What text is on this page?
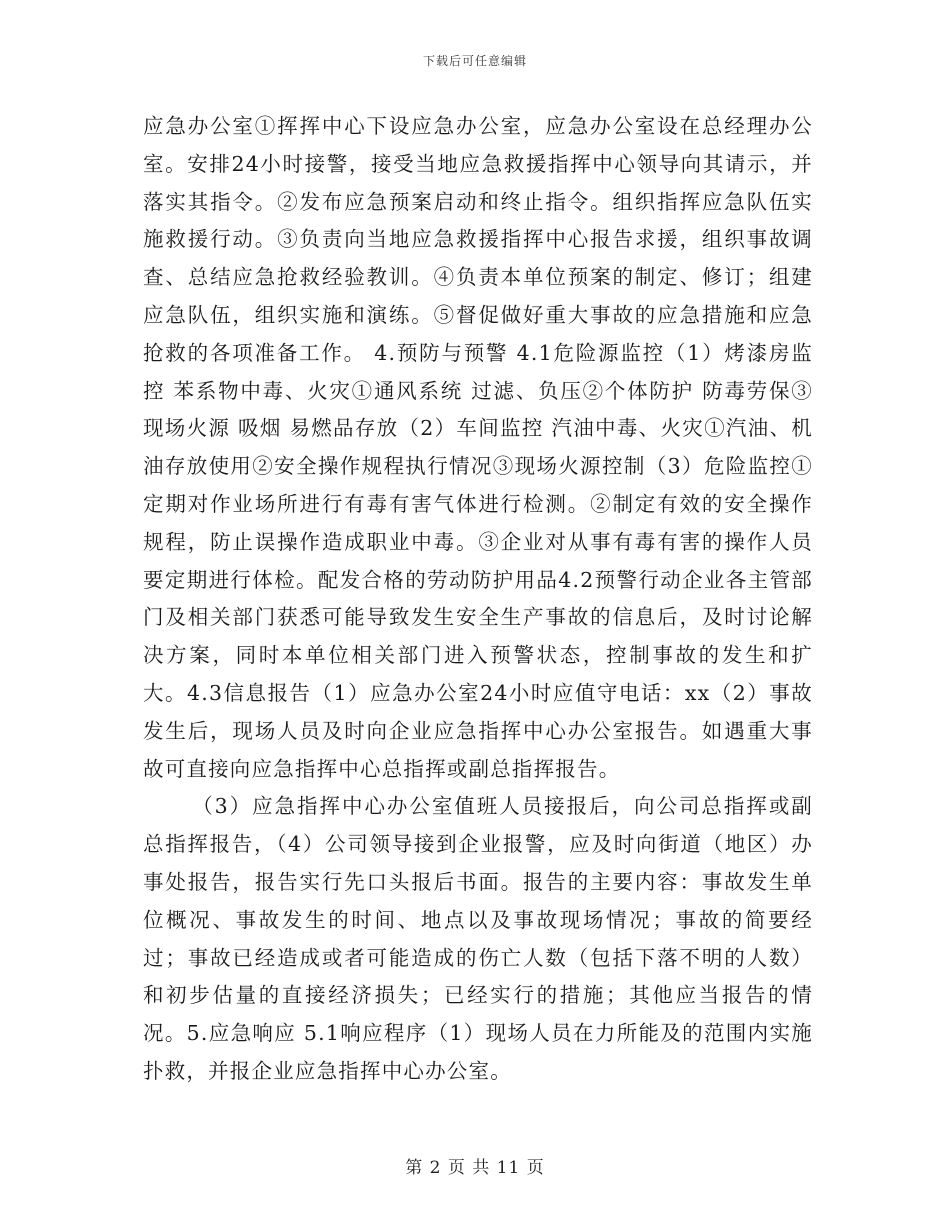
下载后可任意编辑

应急办公室①挥挥中心下设应急办公室，应急办公室设在总经理办公室。安排24小时接警，接受当地应急救援指挥中心领导向其请示，并落实其指令。②发布应急预案启动和终止指令。组织指挥应急队伍实施救援行动。③负责向当地应急救援指挥中心报告求援，组织事故调查、总结应急抢救经验教训。④负责本单位预案的制定、修订；组建应急队伍，组织实施和演练。⑤督促做好重大事故的应急措施和应急抢救的各项准备工作。 4.预防与预警 4.1危险源监控（1）烤漆房监控 苯系物中毒、火灾①通风系统 过滤、负压②个体防护 防毒劳保③现场火源 吸烟 易燃品存放（2）车间监控 汽油中毒、火灾①汽油、机油存放使用②安全操作规程执行情况③现场火源控制（3）危险监控①定期对作业场所进行有毒有害气体进行检测。②制定有效的安全操作规程，防止误操作造成职业中毒。③企业对从事有毒有害的操作人员要定期进行体检。配发合格的劳动防护用品4.2预警行动企业各主管部门及相关部门获悉可能导致发生安全生产事故的信息后，及时讨论解决方案，同时本单位相关部门进入预警状态，控制事故的发生和扩大。4.3信息报告（1）应急办公室24小时应值守电话：xx（2）事故发生后，现场人员及时向企业应急指挥中心办公室报告。如遇重大事故可直接向应急指挥中心总指挥或副总指挥报告。

（3）应急指挥中心办公室值班人员接报后，向公司总指挥或副总指挥报告，（4）公司领导接到企业报警，应及时向街道（地区）办事处报告，报告实行先口头报后书面。报告的主要内容：事故发生单位概况、事故发生的时间、地点以及事故现场情况；事故的简要经过；事故已经造成或者可能造成的伤亡人数（包括下落不明的人数）和初步估量的直接经济损失；已经实行的措施；其他应当报告的情况。5.应急响应 5.1响应程序（1）现场人员在力所能及的范围内实施扑救，并报企业应急指挥中心办公室。

第 2 页 共 11 页
